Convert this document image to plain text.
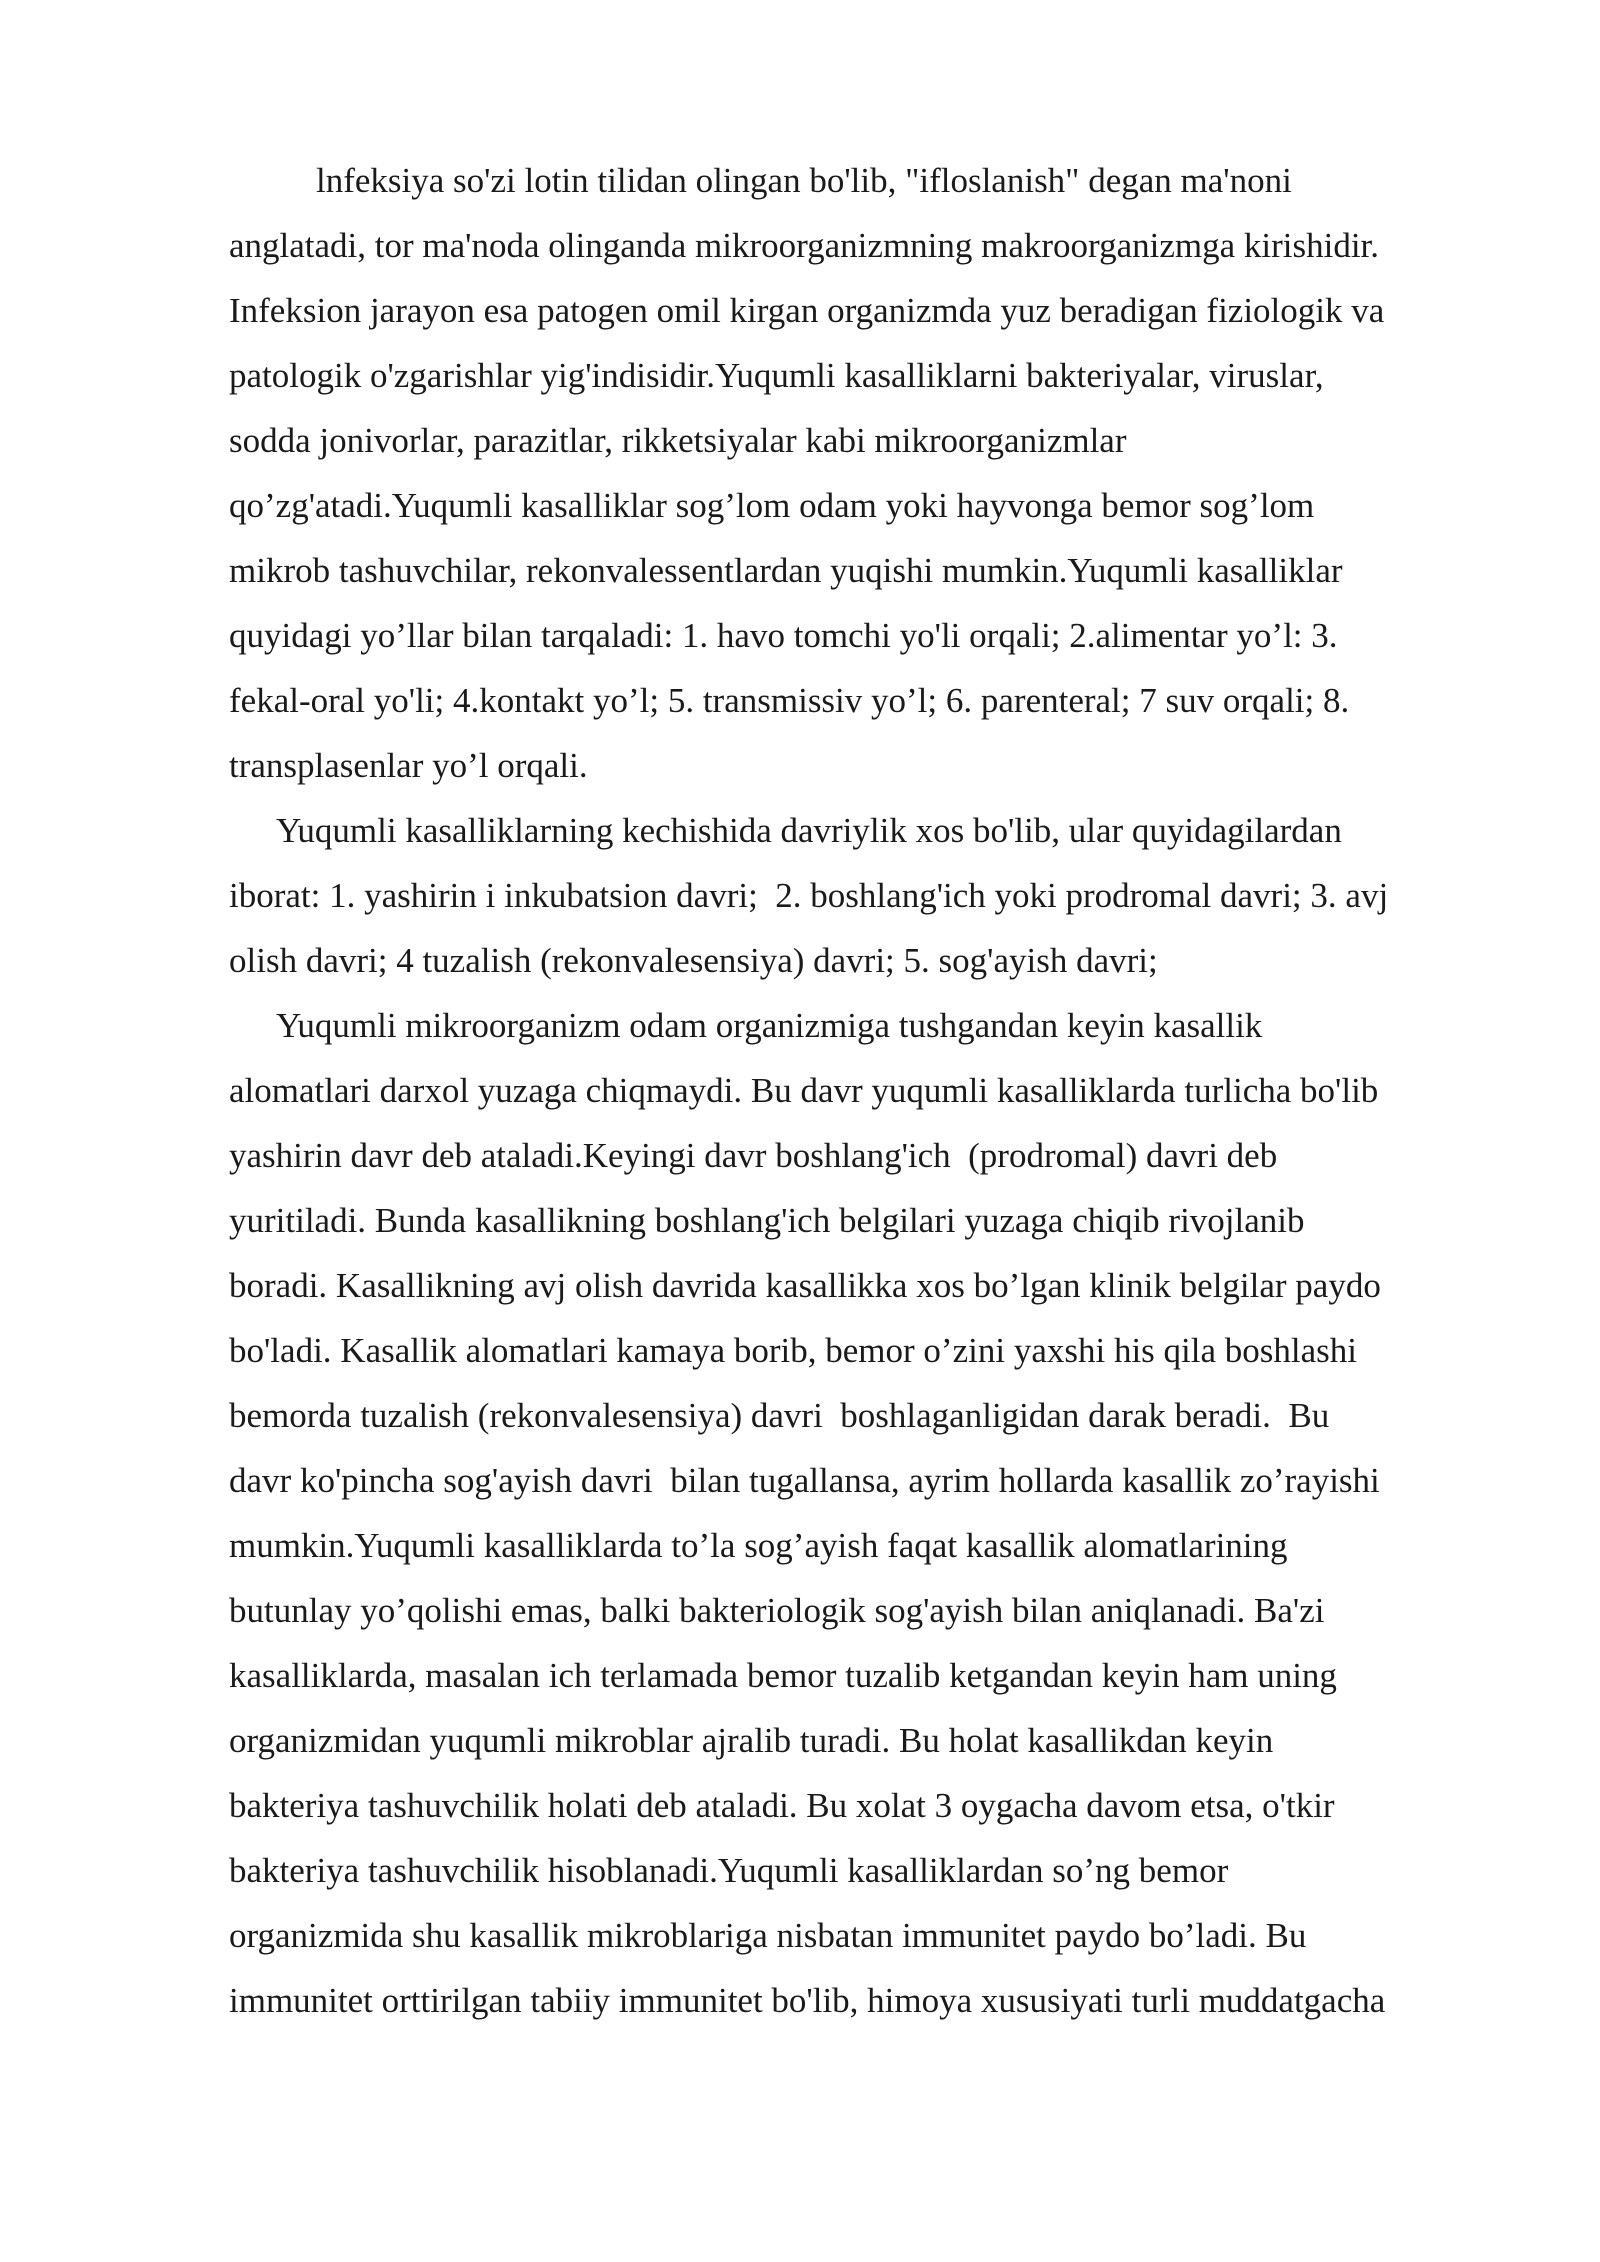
lnfeksiya so'zi lotin tilidan olingan bo'lib, "ifloslanish" degan ma'noni
anglatadi, tor ma'noda olinganda mikroorganizmning makroorganizmga kirishidir.
Infeksion jarayon esa patogen omil kirgan organizmda yuz beradigan fiziologik va
patologik o'zgarishlar yig'indisidir.Yuqumli kasalliklarni bakteriyalar, viruslar,
sodda jonivorlar, parazitlar, rikketsiyalar kabi mikroorganizmlar
qo’zg'atadi.Yuqumli kasalliklar sog’lom odam yoki hayvonga bemor sog’lom
mikrob tashuvchilar, rekonvalessentlardan yuqishi mumkin.Yuqumli kasalliklar
quyidagi yo’llar bilan tarqaladi: 1. havo tomchi yo'li orqali; 2.alimentar yo’l: 3.
fekal-oral yo'li; 4.kontakt yo’l; 5. transmissiv yo’l; 6. parenteral; 7 suv orqali; 8.
transplasenlar yo’l orqali.
Yuqumli kasalliklarning kechishida davriylik xos bo'lib, ular quyidagilardan
iborat: 1. yashirin i inkubatsion davri;  2. boshlang'ich yoki prodromal davri; 3. avj
olish davri; 4 tuzalish (rekonvalesensiya) davri; 5. sog'ayish davri;
Yuqumli mikroorganizm odam organizmiga tushgandan keyin kasallik
alomatlari darxol yuzaga chiqmaydi. Bu davr yuqumli kasalliklarda turlicha bo'lib
yashirin davr deb ataladi.Keyingi davr boshlang'ich  (prodromal) davri deb
yuritiladi. Bunda kasallikning boshlang'ich belgilari yuzaga chiqib rivojlanib
boradi. Kasallikning avj olish davrida kasallikka xos bo’lgan klinik belgilar paydo
bo'ladi. Kasallik alomatlari kamaya borib, bemor o’zini yaxshi his qila boshlashi
bemorda tuzalish (rekonvalesensiya) davri  boshlaganligidan darak beradi.  Bu
davr ko'pincha sog'ayish davri  bilan tugallansa, ayrim hollarda kasallik zo’rayishi
mumkin.Yuqumli kasalliklarda to’la sog’ayish faqat kasallik alomatlarining
butunlay yo’qolishi emas, balki bakteriologik sog'ayish bilan aniqlanadi. Ba'zi
kasalliklarda, masalan ich terlamada bemor tuzalib ketgandan keyin ham uning
organizmidan yuqumli mikroblar ajralib turadi. Bu holat kasallikdan keyin
bakteriya tashuvchilik holati deb ataladi. Bu xolat 3 oygacha davom etsa, o'tkir
bakteriya tashuvchilik hisoblanadi.Yuqumli kasalliklardan so’ng bemor
organizmida shu kasallik mikroblariga nisbatan immunitet paydo bo’ladi. Bu
immunitet orttirilgan tabiiy immunitet bo'lib, himoya xususiyati turli muddatgacha
